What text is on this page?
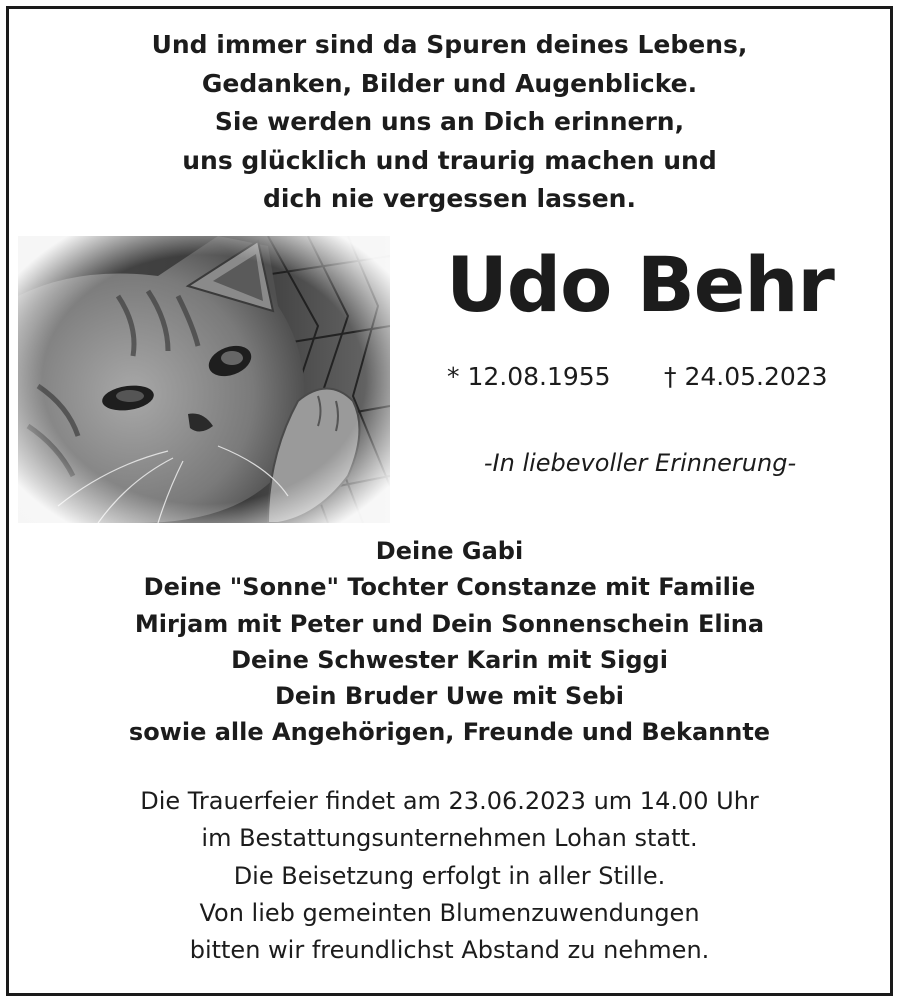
Und immer sind da Spuren deines Lebens,
Gedanken, Bilder und Augenblicke.
Sie werden uns an Dich erinnern,
uns glücklich und traurig machen und
dich nie vergessen lassen.
Udo Behr
* 12.08.1955 † 24.05.2023
-In liebevoller Erinnerung-
Deine Gabi
Deine "Sonne" Tochter Constanze mit Familie
Mirjam mit Peter und Dein Sonnenschein Elina
Deine Schwester Karin mit Siggi
Dein Bruder Uwe mit Sebi
sowie alle Angehörigen, Freunde und Bekannte
Die Trauerfeier findet am 23.06.2023 um 14.00 Uhr
im Bestattungsunternehmen Lohan statt.
Die Beisetzung erfolgt in aller Stille.
Von lieb gemeinten Blumenzuwendungen
bitten wir freundlichst Abstand zu nehmen.
